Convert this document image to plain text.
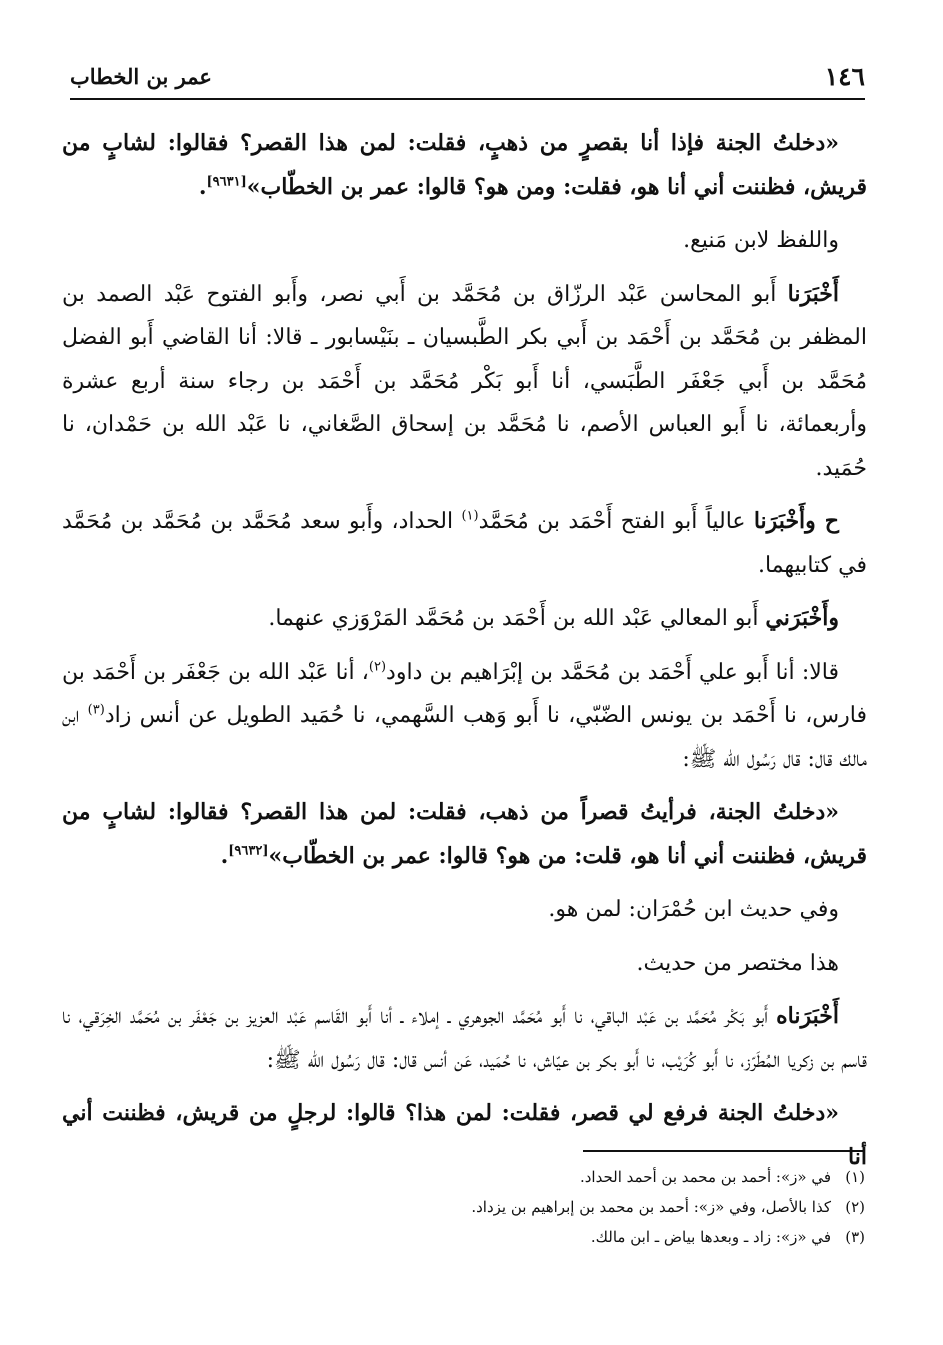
١٤٦
عمر بن الخطاب

«دخلتُ الجنة فإذا أنا بقصرٍ من ذهبٍ، فقلت: لمن هذا القصر؟ فقالوا: لشابٍ من قريش، فظننت أني أنا هو، فقلت: ومن هو؟ قالوا: عمر بن الخطّاب»[٩٦٣١].

واللفظ لابن مَنيع.

أَخْبَرَنا أَبو المحاسن عَبْد الرزّاق بن مُحَمَّد بن أَبي نصر، وأَبو الفتوح عَبْد الصمد بن المظفر بن مُحَمَّد بن أَحْمَد بن أَبي بكر الطَّبسيان ـ بنَيْسابور ـ قالا: أنا القاضي أَبو الفضل مُحَمَّد بن أَبي جَعْفَر الطَّبَسي، أنا أَبو بَكْر مُحَمَّد بن أَحْمَد بن رجاء سنة أربع عشرة وأربعمائة، نا أَبو العباس الأصم، نا مُحَمَّد بن إسحاق الصَّغاني، نا عَبْد الله بن حَمْدان، نا حُمَيد.

ح وأَخْبَرَنا عالياً أَبو الفتح أَحْمَد بن مُحَمَّد$^{(١)}$ الحداد، وأَبو سعد مُحَمَّد بن مُحَمَّد بن مُحَمَّد في كتابيهما.

وأَخْبَرَني أَبو المعالي عَبْد الله بن أَحْمَد بن مُحَمَّد المَرْوَزي عنهما.

قالا: أنا أَبو علي أَحْمَد بن مُحَمَّد بن إبْرَاهيم بن داود$^{(٢)}$، أنا عَبْد الله بن جَعْفَر بن أَحْمَد بن فارس، نا أَحْمَد بن يونس الضّبّي، نا أَبو وَهب السَّهمي، نا حُمَيد الطويل عن أنس زاد$^{(٣)}$ ابن مالك قال: قال رَسُول الله ﷺ:

«دخلتُ الجنة، فرأيتُ قصراً من ذهب، فقلت: لمن هذا القصر؟ فقالوا: لشابٍ من قريش، فظننت أني أنا هو، قلت: من هو؟ قالوا: عمر بن الخطّاب»[٩٦٣٢].

وفي حديث ابن حُمْرَان: لمن هو.

هذا مختصر من حديث.

أَخْبَرَناه أَبو بَكْر مُحَمَّد بن عَبْد الباقي، نا أَبو مُحَمَّد الجوهري ـ إملاء ـ أنا أَبو القَاسم عَبْد العزيز بن جَعْفَر بن مُحَمَّد الخِرَقي، نا قاسم بن زكريا المُطَرّز، نا أَبو كُرَيْب، نا أَبو بكر بن عيّاش، نا حُمَيد، عَن أنس قال: قال رَسُول الله ﷺ:

«دخلتُ الجنة فرفع لي قصر، فقلت: لمن هذا؟ قالوا: لرجلٍ من قريش، فظننت أني أنا

(١)في «ز»: أحمد بن محمد بن أحمد الحداد.

(٢)كذا بالأصل، وفي «ز»: أحمد بن محمد بن إبراهيم بن يزداد.

(٣)في «ز»: زاد ـ وبعدها بياض ـ ابن مالك.
